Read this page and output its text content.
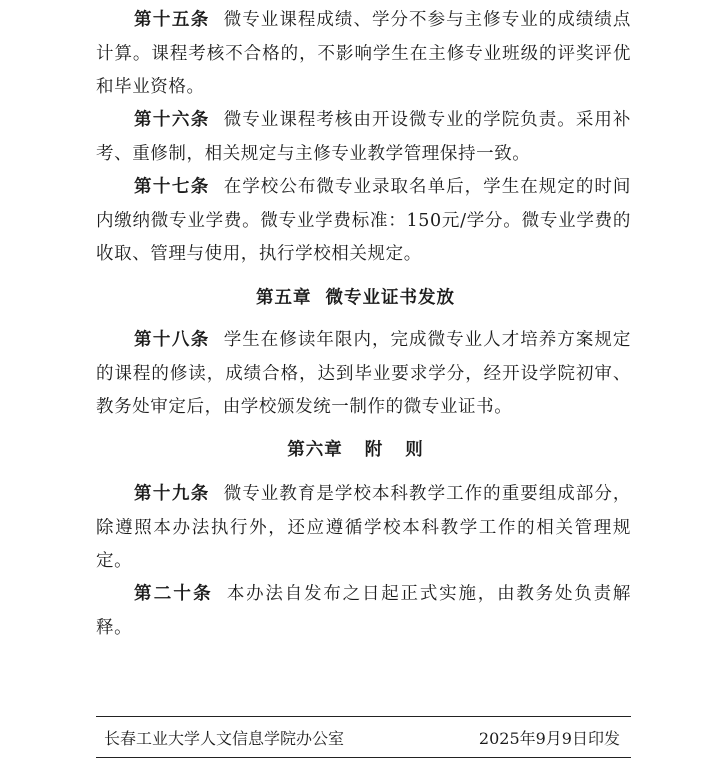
第十五条 微专业课程成绩、学分不参与主修专业的成绩绩点计算。课程考核不合格的，不影响学生在主修专业班级的评奖评优和毕业资格。

第十六条 微专业课程考核由开设微专业的学院负责。采用补考、重修制，相关规定与主修专业教学管理保持一致。

第十七条 在学校公布微专业录取名单后，学生在规定的时间内缴纳微专业学费。微专业学费标准：150元/学分。微专业学费的收取、管理与使用，执行学校相关规定。

第五章 微专业证书发放

第十八条 学生在修读年限内，完成微专业人才培养方案规定的课程的修读，成绩合格，达到毕业要求学分，经开设学院初审、教务处审定后，由学校颁发统一制作的微专业证书。

第六章 附 则

第十九条 微专业教育是学校本科教学工作的重要组成部分，除遵照本办法执行外，还应遵循学校本科教学工作的相关管理规定。

第二十条 本办法自发布之日起正式实施，由教务处负责解释。

长春工业大学人文信息学院办公室	2025年9月9日印发
